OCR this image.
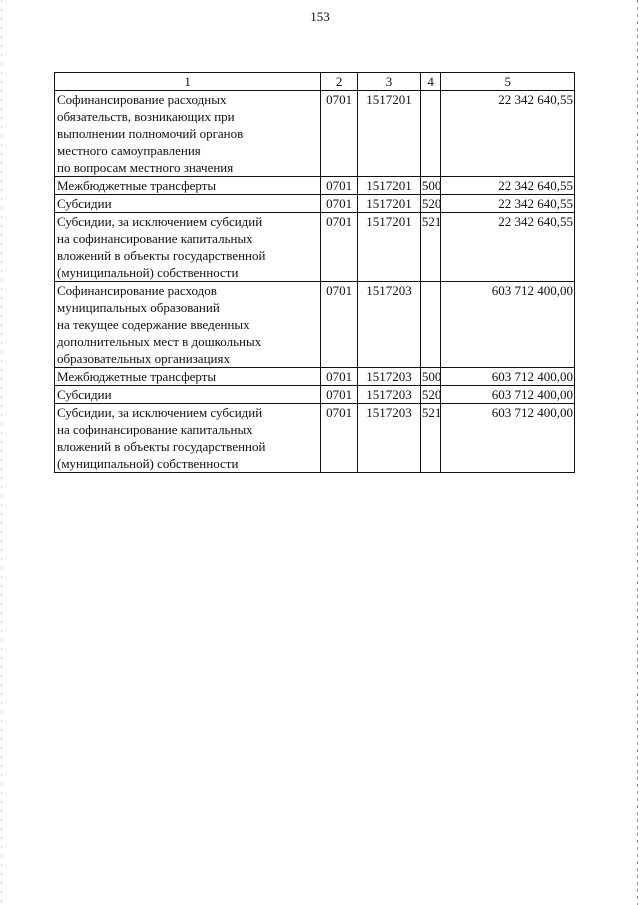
153
1	2	3	4	5
Софинансирование расходных
обязательств, возникающих при
выполнении полномочий органов
местного самоуправления
по вопросам местного значения	0701	1517201		22 342 640,55
Межбюджетные трансферты	0701	1517201	500	22 342 640,55
Субсидии	0701	1517201	520	22 342 640,55
Субсидии, за исключением субсидий
на софинансирование капитальных
вложений в объекты государственной
(муниципальной) собственности	0701	1517201	521	22 342 640,55
Софинансирование расходов
муниципальных образований
на текущее содержание введенных
дополнительных мест в дошкольных
образовательных организациях	0701	1517203		603 712 400,00
Межбюджетные трансферты	0701	1517203	500	603 712 400,00
Субсидии	0701	1517203	520	603 712 400,00
Субсидии, за исключением субсидий
на софинансирование капитальных
вложений в объекты государственной
(муниципальной) собственности	0701	1517203	521	603 712 400,00
